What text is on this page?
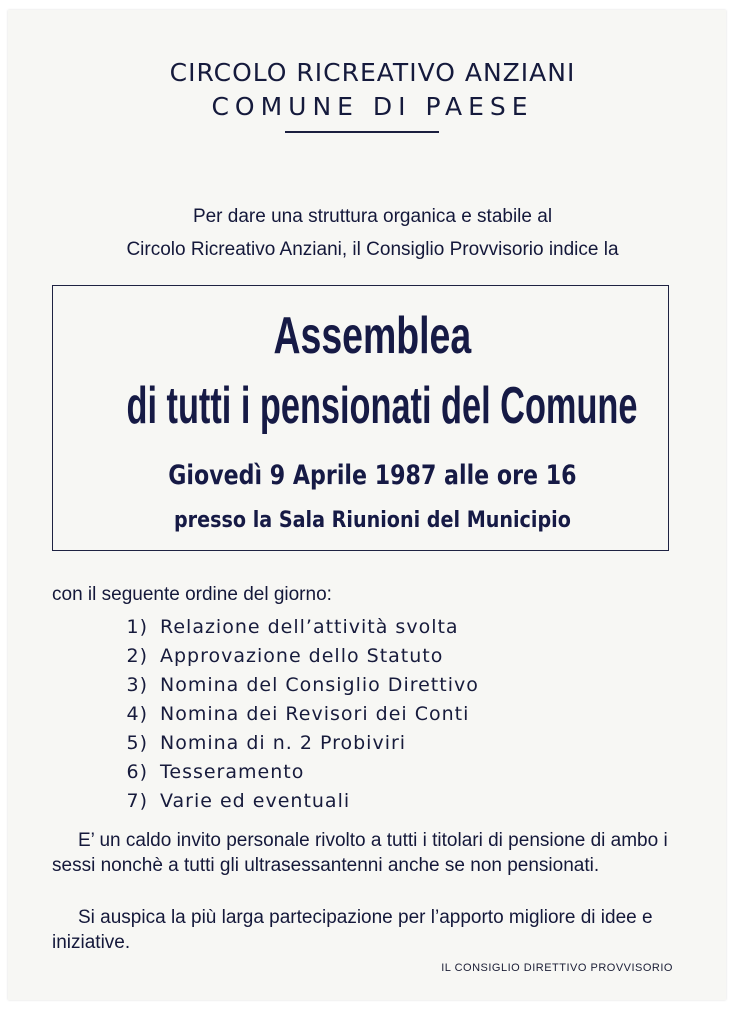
CIRCOLO RICREATIVO ANZIANI
COMUNE DI PAESE
Per dare una struttura organica e stabile al
Circolo Ricreativo Anziani, il Consiglio Provvisorio indice la
Assemblea
di tutti i pensionati del Comune
Giovedì 9 Aprile 1987 alle ore 16
presso la Sala Riunioni del Municipio
con il seguente ordine del giorno:
1) Relazione dell’attività svolta
2) Approvazione dello Statuto
3) Nomina del Consiglio Direttivo
4) Nomina dei Revisori dei Conti
5) Nomina di n. 2 Probiviri
6) Tesseramento
7) Varie ed eventuali
E’ un caldo invito personale rivolto a tutti i titolari di pensione di ambo i sessi nonchè a tutti gli ultrasessantenni anche se non pensionati.
Si auspica la più larga partecipazione per l’apporto migliore di idee e iniziative.
IL CONSIGLIO DIRETTIVO PROVVISORIO
